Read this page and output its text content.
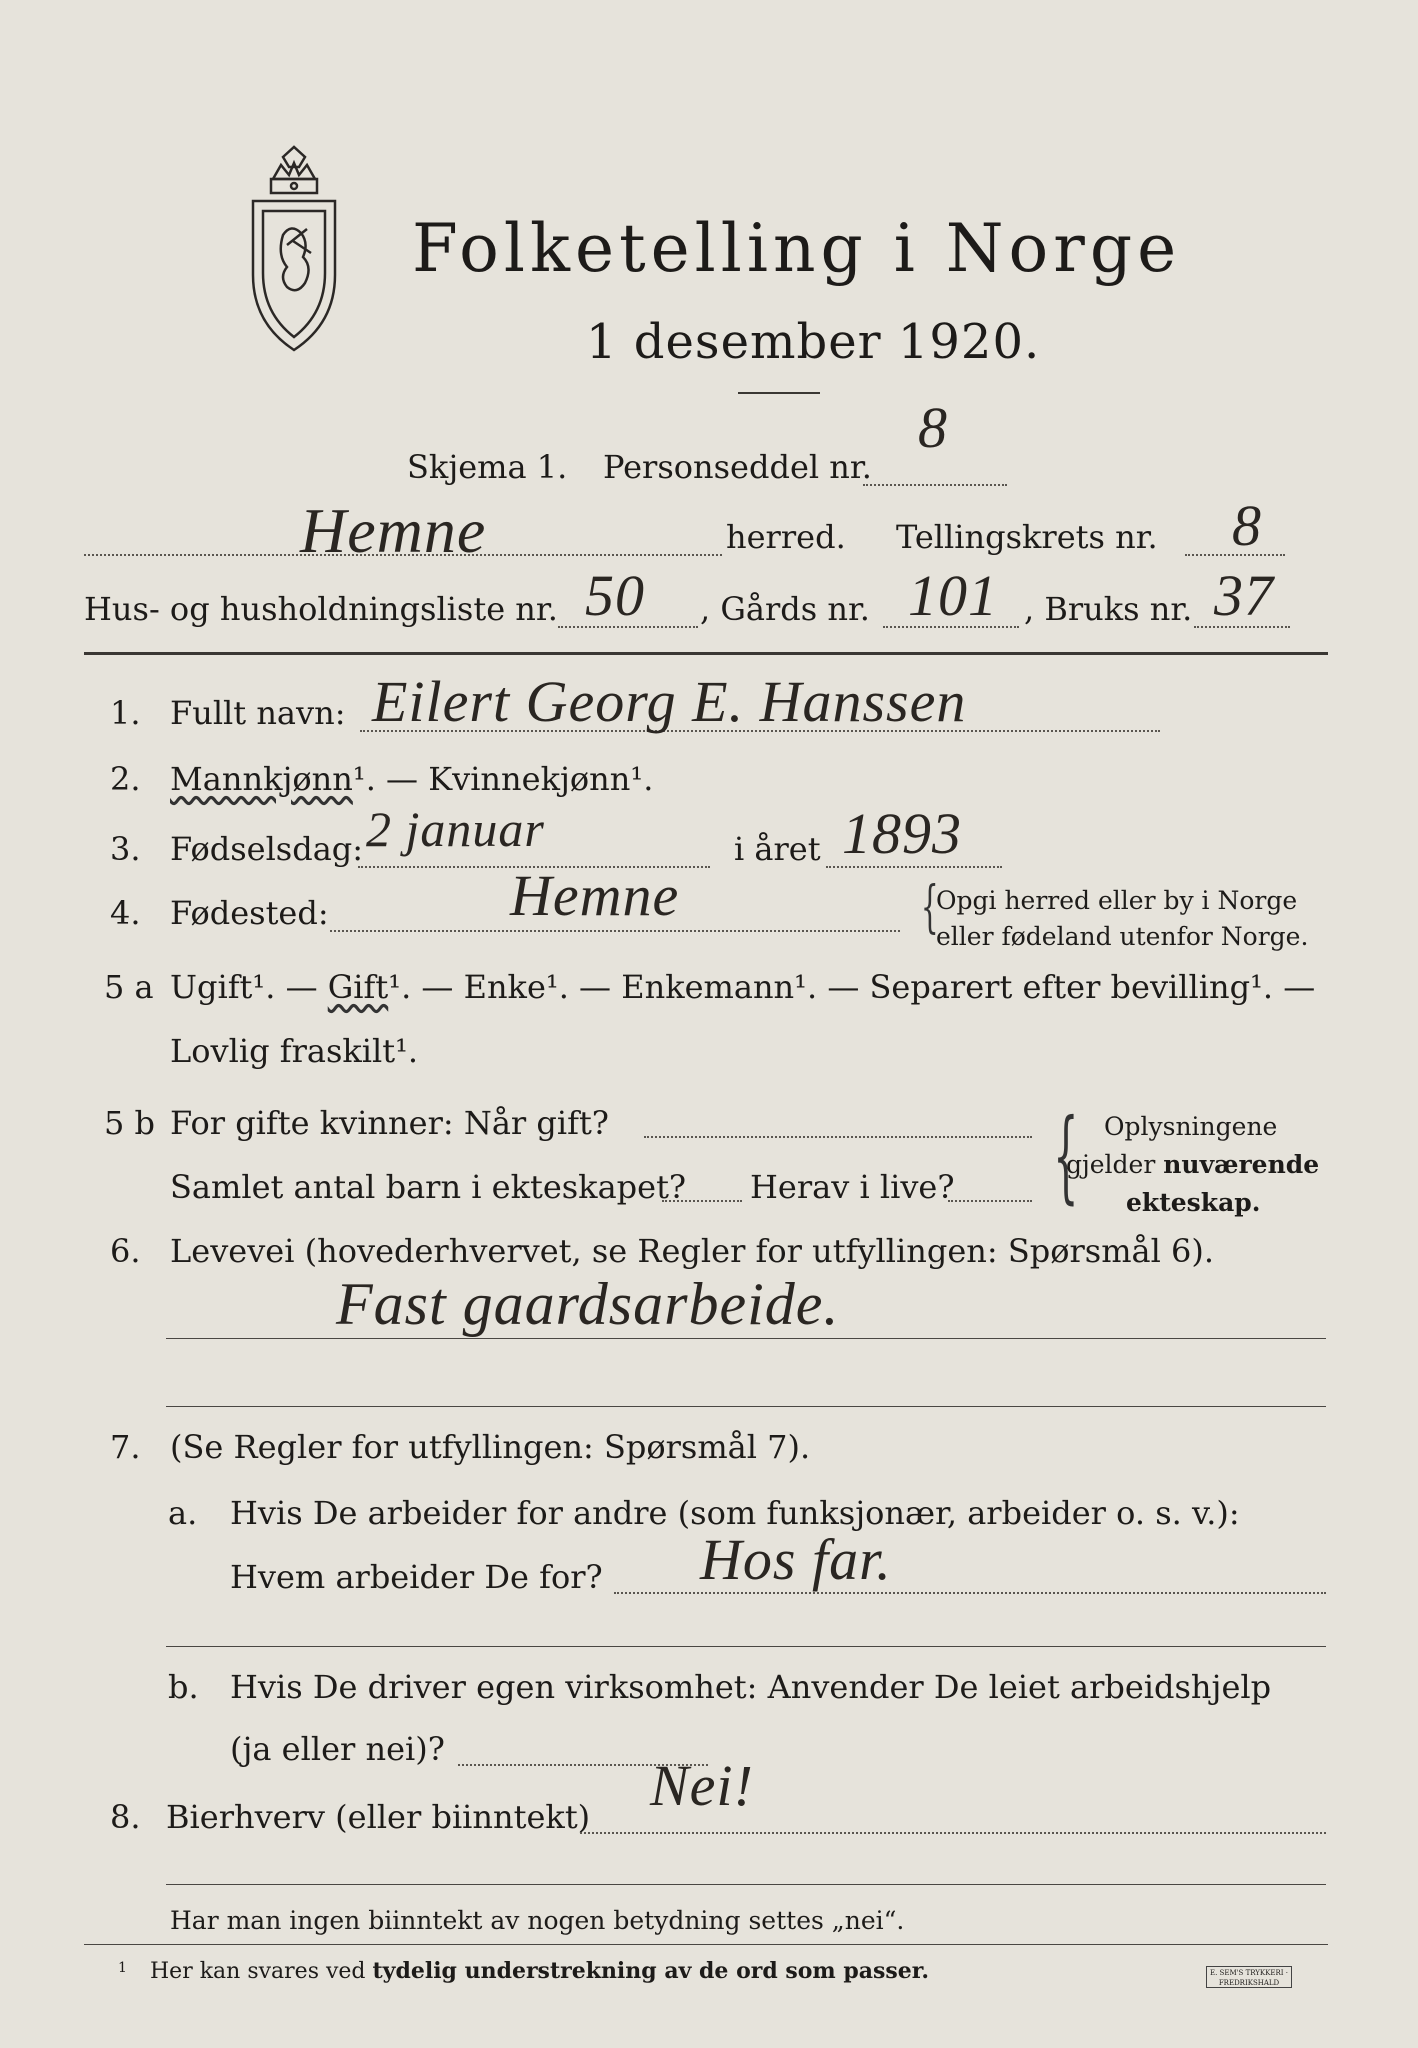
Folketelling i Norge
1 desember 1920.
Skjema 1. Personseddel nr.
8
Hemne	herred. Tellingskrets nr. 8
Hus- og husholdningsliste nr. 50 , Gårds nr. 101 , Bruks nr. 37
1. Fullt navn: Eilert Georg E. Hanssen
2. Mannkjønn¹. — Kvinnekjønn¹.
3. Fødselsdag: 2 januar	i året 1893
4. Fødested:	Hemne	{
Opgi herred eller by i Norge
eller fødeland utenfor Norge.
5 a Ugift¹. — Gift¹. — Enke¹. — Enkemann¹. — Separert efter bevilling¹. —
Lovlig fraskilt¹.
5 b For gifte kvinner: Når gift?
Samlet antal barn i ekteskapet? Herav i live? { Oplysningene
gjelder nuværende
ekteskap.
6. Levevei (hovederhvervet, se Regler for utfyllingen: Spørsmål 6).
Fast gaardsarbeide.
7. (Se Regler for utfyllingen: Spørsmål 7).
a. Hvis De arbeider for andre (som funksjonær, arbeider o. s. v.):
Hvem arbeider De for? Hos far.
b. Hvis De driver egen virksomhet: Anvender De leiet arbeidshjelp
(ja eller nei)?
8. Bierhverv (eller biinntekt) Nei!
Har man ingen biinntekt av nogen betydning settes „nei“.
1 Her kan svares ved tydelig understrekning av de ord som passer.	E. SEM'S TRYKKERI · FREDRIKSHALD
